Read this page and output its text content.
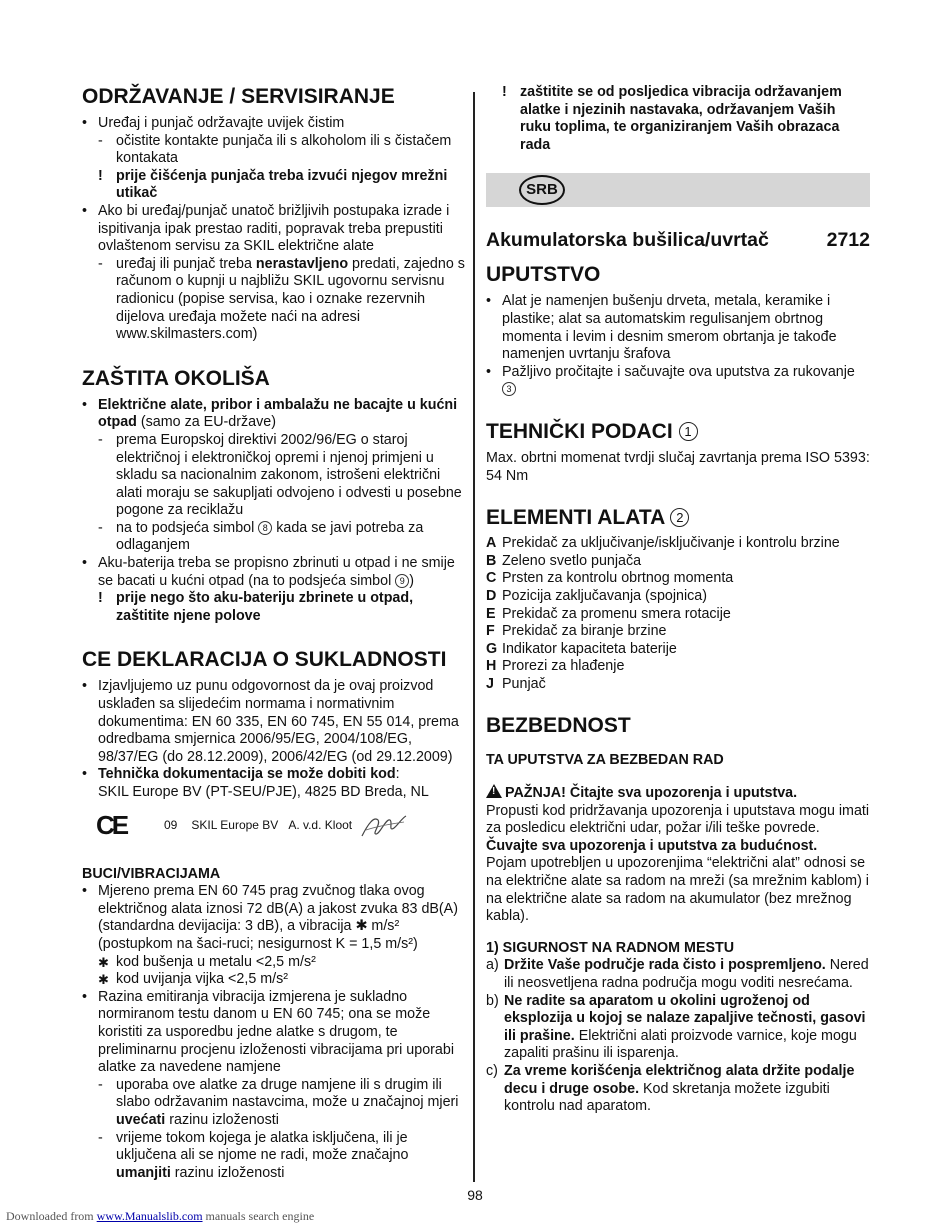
ODRŽAVANJE / SERVISIRANJE
• Uređaj i punjač održavajte uvijek čistim
- očistite kontakte punjača ili s alkoholom ili s čistačem kontakata
! prije čišćenja punjača treba izvući njegov mrežni utikač
• Ako bi uređaj/punjač unatoč brižljivih postupaka izrade i ispitivanja ipak prestao raditi, popravak treba prepustiti ovlaštenom servisu za SKIL električne alate
- uređaj ili punjač treba nerastavljeno predati, zajedno s računom o kupnji u najbližu SKIL ugovornu servisnu radionicu (popise servisa, kao i oznake rezervnih dijelova uređaja možete naći na adresi www.skilmasters.com)
ZAŠTITA OKOLIŠA
• Električne alate, pribor i ambalažu ne bacajte u kućni otpad (samo za EU-države)
- prema Europskoj direktivi 2002/96/EG o staroj električnoj i elektroničkoj opremi i njenoj primjeni u skladu sa nacionalnim zakonom, istrošeni električni alati moraju se sakupljati odvojeno i odvesti u posebne pogone za reciklažu
- na to podsjeća simbol 8 kada se javi potreba za odlaganjem
• Aku-baterija treba se propisno zbrinuti u otpad i ne smije se bacati u kućni otpad (na to podsjeća simbol 9 )
! prije nego što aku-bateriju zbrinete u otpad, zaštitite njene polove
CE DEKLARACIJA O SUKLADNOSTI
• Izjavljujemo uz punu odgovornost da je ovaj proizvod usklađen sa slijedećim normama i normativnim dokumentima: EN 60 335, EN 60 745, EN 55 014, prema odredbama smjernica 2006/95/EG, 2004/108/EG, 98/37/EG (do 28.12.2009), 2006/42/EG (od 29.12.2009)
• Tehnička dokumentacija se može dobiti kod:
SKIL Europe BV (PT-SEU/PJE), 4825 BD Breda, NL
CE	09 SKIL Europe BV A. v.d. Kloot
BUCI/VIBRACIJAMA
• Mjereno prema EN 60 745 prag zvučnog tlaka ovog električnog alata iznosi 72 dB(A) a jakost zvuka 83 dB(A) (standardna devijacija: 3 dB), a vibracija ✱ m/s² (postupkom na šaci-ruci; nesigurnost K = 1,5 m/s²)
✱ kod bušenja u metalu <2,5 m/s²
✱ kod uvijanja vijka <2,5 m/s²
• Razina emitiranja vibracija izmjerena je sukladno normiranom testu danom u EN 60 745; ona se može koristiti za usporedbu jedne alatke s drugom, te preliminarnu procjenu izloženosti vibracijama pri uporabi alatke za navedene namjene
- uporaba ove alatke za druge namjene ili s drugim ili slabo održavanim nastavcima, može u značajnoj mjeri uvećati razinu izloženosti
- vrijeme tokom kojega je alatka isključena, ili je uključena ali se njome ne radi, može značajno umanjiti razinu izloženosti
! zaštitite se od posljedica vibracija održavanjem alatke i njezinih nastavaka, održavanjem Vaših ruku toplima, te organiziranjem Vaših obrazaca rada
SRB
Akumulatorska bušilica/uvrtač	2712
UPUTSTVO
• Alat je namenjen bušenju drveta, metala, keramike i plastike; alat sa automatskim regulisanjem obrtnog momenta i levim i desnim smerom obrtanja je takođe namenjen uvrtanju šrafova
• Pažljivo pročitajte i sačuvajte ova uputstva za rukovanje 3
TEHNIČKI PODACI 1

Max. obrtni momenat tvrdji slučaj zavrtanja prema ISO 5393: 54 Nm

ELEMENTI ALATA 2
A Prekidač za uključivanje/isključivanje i kontrolu brzine
B Zeleno svetlo punjača
C Prsten za kontrolu obrtnog momenta
D Pozicija zaključavanja (spojnica)
E Prekidač za promenu smera rotacije
F Prekidač za biranje brzine
G Indikator kapaciteta baterije
H Prorezi za hlađenje
J Punjač
BEZBEDNOST
TA UPUTSTVA ZA BEZBEDAN RAD

! PAŽNJA! Čitajte sva upozorenja i uputstva.
Propusti kod pridržavanja upozorenja i uputstava mogu imati za posledicu električni udar, požar i/ili teške povrede.
Čuvajte sva upozorenja i uputstva za budućnost.
Pojam upotrebljen u upozorenjima “električni alat” odnosi se na električne alate sa radom na mreži (sa mrežnim kablom) i na električne alate sa radom na akumulator (bez mrežnog kabla).

1) SIGURNOST NA RADNOM MESTU
a) Držite Vaše područje rada čisto i pospremljeno. Nered ili neosvetljena radna područja mogu voditi nesrećama.
b) Ne radite sa aparatom u okolini ugroženoj od eksplozija u kojoj se nalaze zapaljive tečnosti, gasovi ili prašine. Električni alati proizvode varnice, koje mogu zapaliti prašinu ili isparenja.
c) Za vreme korišćenja električnog alata držite podalje decu i druge osobe. Kod skretanja možete izgubiti kontrolu nad aparatom.
98
Downloaded from www.Manualslib.com manuals search engine
